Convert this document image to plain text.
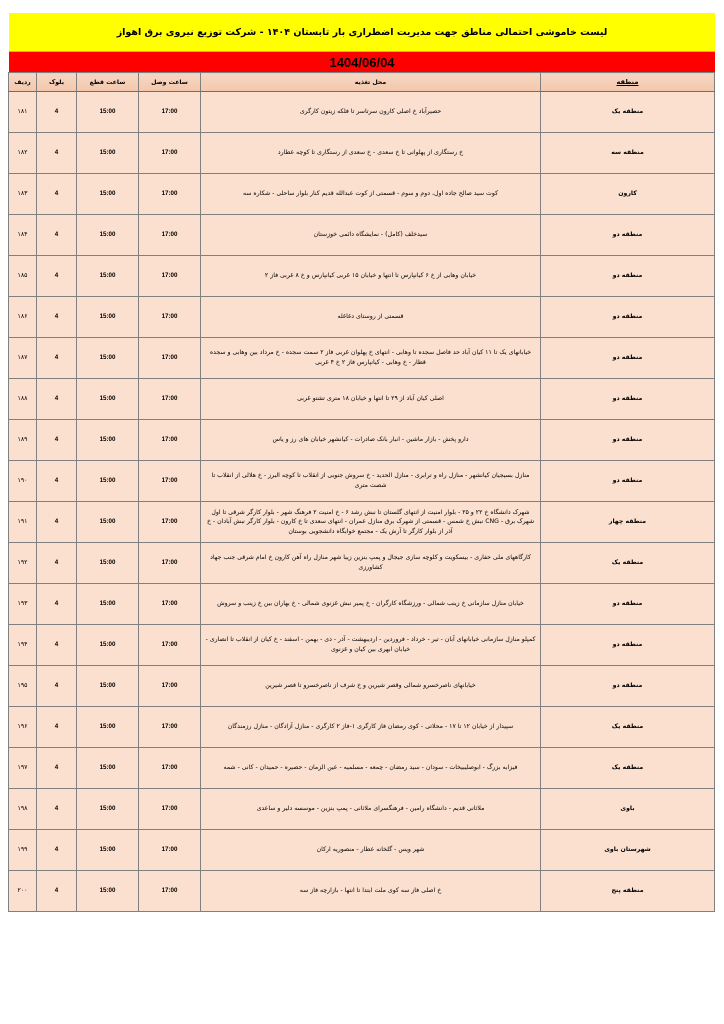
لیست خاموشی احتمالی مناطق جهت مدیریت اضطراری بار تابستان ۱۴۰۴ - شرکت توزیع نیروی برق اهواز
1404/06/04
منطقه	محل تغذیه	ساعت وصل	ساعت قطع	بلوک	ردیف
منطقه یک	حصیرآباد خ اصلی کارون سرتاسر تا فلکه زیتون کارگری	17:00	15:00	4	۱۸۱
منطقه سه	خ رستگاری از پهلوانی تا خ سعدی - خ سعدی از رستگاری تا کوچه عطارد	17:00	15:00	4	۱۸۲
کارون	کوت سید صالح جاده اول، دوم و سوم - قسمتی از کوت عبدالله قدیم کنار بلوار ساحلی - شکاره سه	17:00	15:00	4	۱۸۳
منطقه دو	سیدخلف (کامل) - نمایشگاه دائمی خوزستان	17:00	15:00	4	۱۸۴
منطقه دو	خیابان وهابی از خ ۶ کیانپارس تا انتها و خیابان ۱۵ غربی کیانپارس و خ ۸ غربی فاز ۲	17:00	15:00	4	۱۸۵
منطقه دو	قسمتی از روستای دغاغله	17:00	15:00	4	۱۸۶
منطقه دو	خیابانهای یک تا ۱۱ کیان آباد حد فاصل سجده تا وهابی - انتهای خ پهلوان غربی فاز ۲ سمت سجده - خ مرداد بین وهابی و سجده قطار - خ وهابی - کیانپارس فاز ۲ خ ۴ غربی	17:00	15:00	4	۱۸۷
منطقه دو	اصلی کیان آباد از ۲۹ تا انتها و خیابان ۱۸ متری تشتو غربی	17:00	15:00	4	۱۸۸
منطقه دو	دارو پخش - بازار ماشین - انبار بانک صادرات - کیانشهر خیابان های رز و یاس	17:00	15:00	4	۱۸۹
منطقه دو	منازل بسیجیان کیانشهر - منازل راه و ترابری - منازل الحدید - خ سروش جنوبی از انقلاب تا کوچه البرز - خ هلالی از انقلاب تا شصت متری	17:00	15:00	4	۱۹۰
منطقه چهار	شهرک دانشگاه خ ۲۲ و ۲۵ - بلوار امنیت از انتهای گلستان تا نبش رشد ۶ - خ امنیت ۲ فرهنگ شهر - بلوار کارگر شرقی تا اول شهرک برق - CNG نبش خ شمس - قسمتی از شهرک برق منازل عمران - انتهای سعدی تا خ کارون - بلوار کارگر نبش آبادان - خ آذر از بلوار کارگر تا آرش یک - مجتمع خوابگاه دانشجویی بوستان	17:00	15:00	4	۱۹۱
منطقه یک	کارگاههای ملی حفاری - بیسکویت و کلوچه سازی جیجال و پمپ بنزین زیبا شهر منازل راه آهن کارون خ امام شرقی جنب جهاد کشاورزی	17:00	15:00	4	۱۹۲
منطقه دو	خیابان منازل سازمانی خ زینب شمالی - ورزشگاه کارگران - خ پمیر نبش غزنوی شمالی - خ بهاران بین خ زینب و سروش	17:00	15:00	4	۱۹۳
منطقه دو	کمپلو منازل سازمانی خیابانهای آبان - تیر - خرداد - فروردین - اردیبهشت - آذر - دی - بهمن - اسفند - خ کیان از انقلاب تا انصاری - خیابان ابهری بین کیان و غزنوی	17:00	15:00	4	۱۹۴
منطقه دو	خیابانهای ناصرخسرو شمالی وقصر شیرین و خ شرف از ناصرخسرو تا قصر شیرین	17:00	15:00	4	۱۹۵
منطقه یک	سپیدار از خیابان ۱۲ تا ۱۷ - محلاتی - کوی رمضان فاز کارگری ۱-فاز ۲ کارگری - منازل آزادگان - منازل رزمندگان	17:00	15:00	4	۱۹۶
منطقه یک	فیزابه بزرگ - ابوصلیبیخات - سودان - سید رمضان - چمعه - مسلمیه - عین الزمان - حصیره - حمیدان - کانی - شمه	17:00	15:00	4	۱۹۷
باوی	ملاثانی قدیم - دانشگاه رامین - فرهنگسرای ملاثانی - پمپ بنزین - موسسه دلیر و ساعدی	17:00	15:00	4	۱۹۸
شهرستان باوی	شهر ویس - گلخانه عطار - منصوریه ارکان	17:00	15:00	4	۱۹۹
منطقه پنج	خ اصلی فاز سه کوی ملت ابتدا تا انتها - بازارچه فاز سه	17:00	15:00	4	۲۰۰
